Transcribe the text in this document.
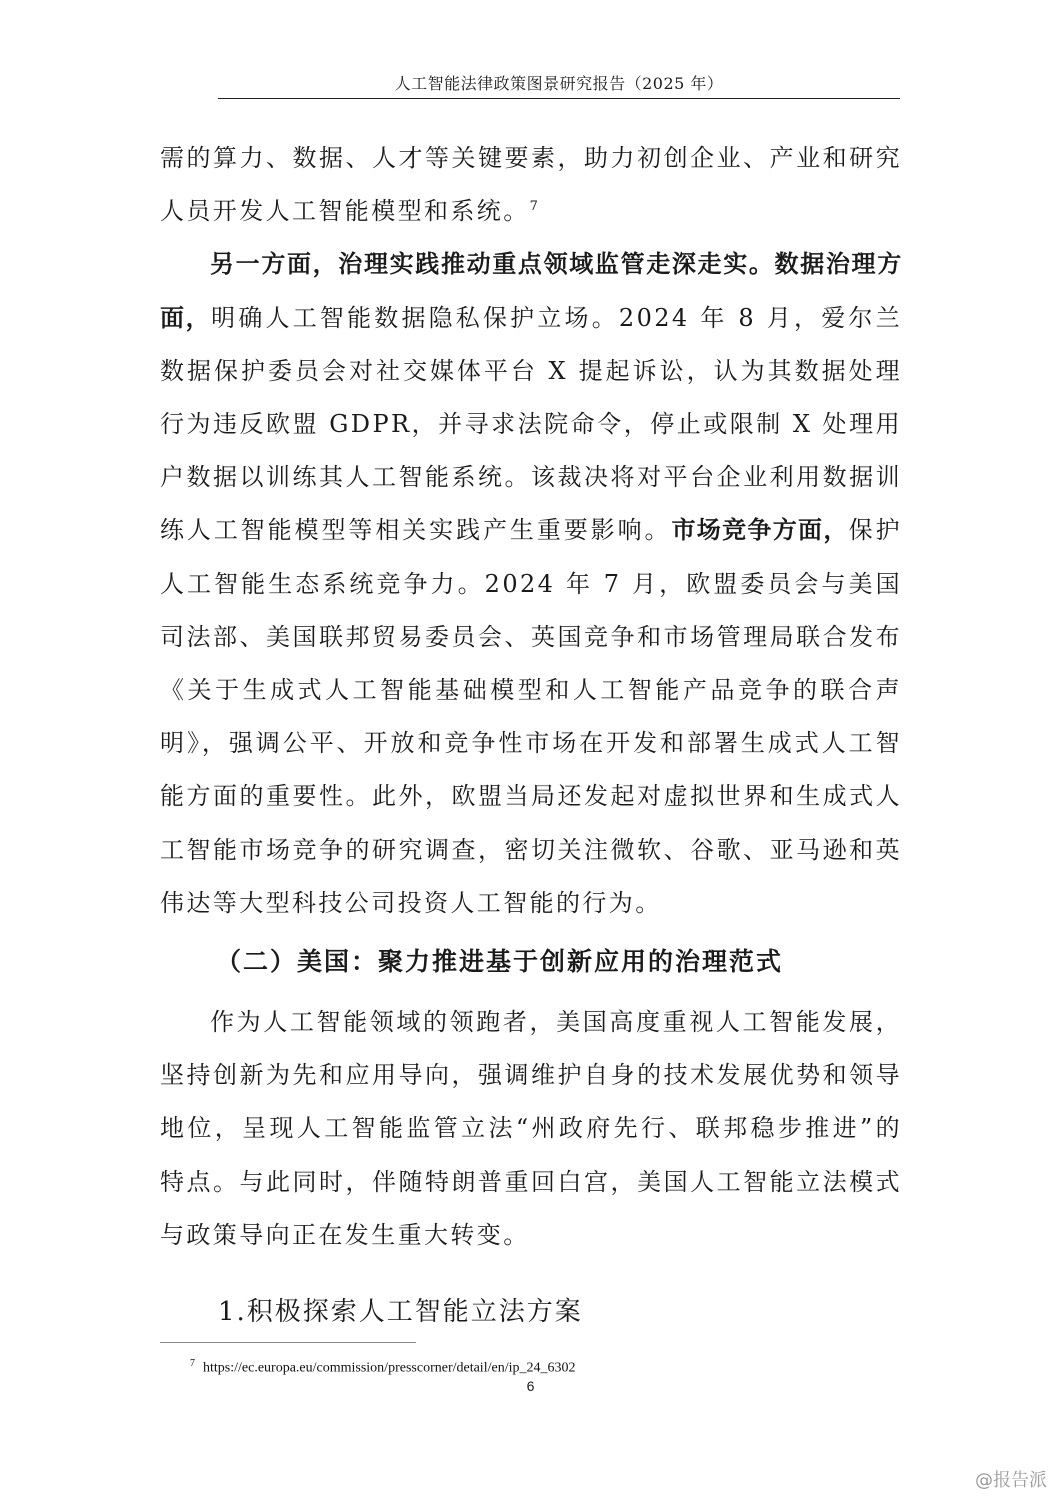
人工智能法律政策图景研究报告（2025 年）

需的算力、数据、人才等关键要素，助力初创企业、产业和研究人员开发人工智能模型和系统。$^7$

另一方面，治理实践推动重点领域监管走深走实。数据治理方面，明确人工智能数据隐私保护立场。2024 年 8 月，爱尔兰数据保护委员会对社交媒体平台 X 提起诉讼，认为其数据处理行为违反欧盟 GDPR，并寻求法院命令，停止或限制 X 处理用户数据以训练其人工智能系统。该裁决将对平台企业利用数据训练人工智能模型等相关实践产生重要影响。市场竞争方面，保护人工智能生态系统竞争力。2024 年 7 月，欧盟委员会与美国司法部、美国联邦贸易委员会、英国竞争和市场管理局联合发布《关于生成式人工智能基础模型和人工智能产品竞争的联合声明》，强调公平、开放和竞争性市场在开发和部署生成式人工智能方面的重要性。此外，欧盟当局还发起对虚拟世界和生成式人工智能市场竞争的研究调查，密切关注微软、谷歌、亚马逊和英伟达等大型科技公司投资人工智能的行为。

（二）美国：聚力推进基于创新应用的治理范式

作为人工智能领域的领跑者，美国高度重视人工智能发展，坚持创新为先和应用导向，强调维护自身的技术发展优势和领导地位，呈现人工智能监管立法“州政府先行、联邦稳步推进”的特点。与此同时，伴随特朗普重回白宫，美国人工智能立法模式与政策导向正在发生重大转变。

1.积极探索人工智能立法方案
$^7$ https://ec.europa.eu/commission/presscorner/detail/en/ip_24_6302
6
@报告派
